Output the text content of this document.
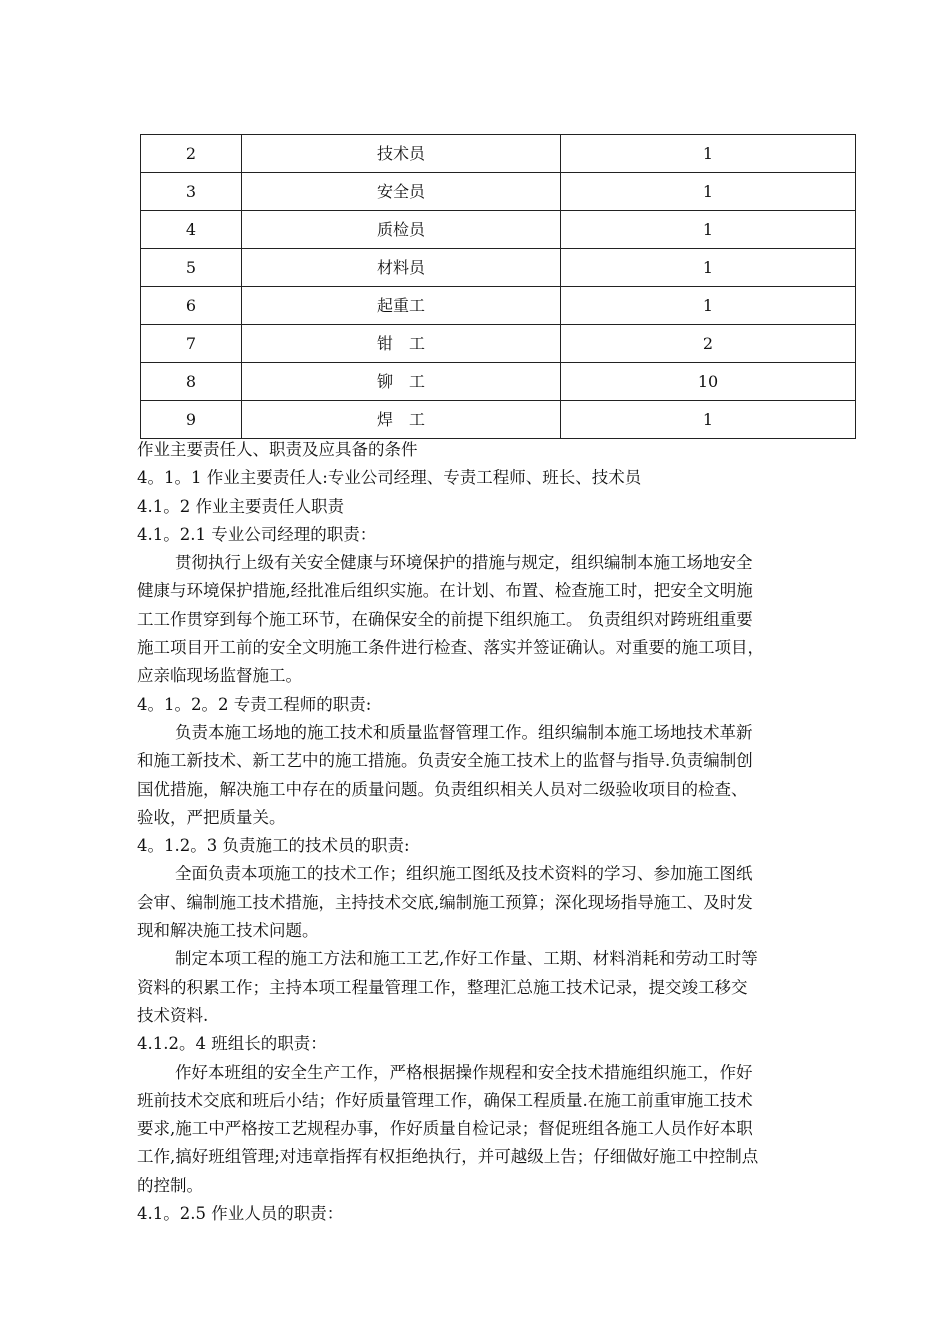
2	技术员	1
3	安全员	1
4	质检员	1
5	材料员	1
6	起重工	1
7	钳　工	2
8	铆　工	10
9	焊　工	1
作业主要责任人、职责及应具备的条件
4。1。1 作业主要责任人:专业公司经理、专责工程师、班长、技术员
4.1。2 作业主要责任人职责
4.1。2.1 专业公司经理的职责：
贯彻执行上级有关安全健康与环境保护的措施与规定，组织编制本施工场地安全
健康与环境保护措施,经批准后组织实施。在计划、布置、检查施工时，把安全文明施
工工作贯穿到每个施工环节，在确保安全的前提下组织施工。 负责组织对跨班组重要
施工项目开工前的安全文明施工条件进行检查、落实并签证确认。对重要的施工项目，
应亲临现场监督施工。
4。1。2。2 专责工程师的职责:
负责本施工场地的施工技术和质量监督管理工作。组织编制本施工场地技术革新
和施工新技术、新工艺中的施工措施。负责安全施工技术上的监督与指导.负责编制创
国优措施，解决施工中存在的质量问题。负责组织相关人员对二级验收项目的检查、
验收，严把质量关。
4。1.2。3 负责施工的技术员的职责:
全面负责本项施工的技术工作；组织施工图纸及技术资料的学习、参加施工图纸
会审、编制施工技术措施，主持技术交底,编制施工预算；深化现场指导施工、及时发
现和解决施工技术问题。
制定本项工程的施工方法和施工工艺,作好工作量、工期、材料消耗和劳动工时等
资料的积累工作；主持本项工程量管理工作，整理汇总施工技术记录，提交竣工移交
技术资料.
4.1.2。4 班组长的职责：
作好本班组的安全生产工作，严格根据操作规程和安全技术措施组织施工，作好
班前技术交底和班后小结；作好质量管理工作，确保工程质量.在施工前重审施工技术
要求,施工中严格按工艺规程办事，作好质量自检记录；督促班组各施工人员作好本职
工作,搞好班组管理;对违章指挥有权拒绝执行，并可越级上告；仔细做好施工中控制点
的控制。
4.1。2.5 作业人员的职责：
